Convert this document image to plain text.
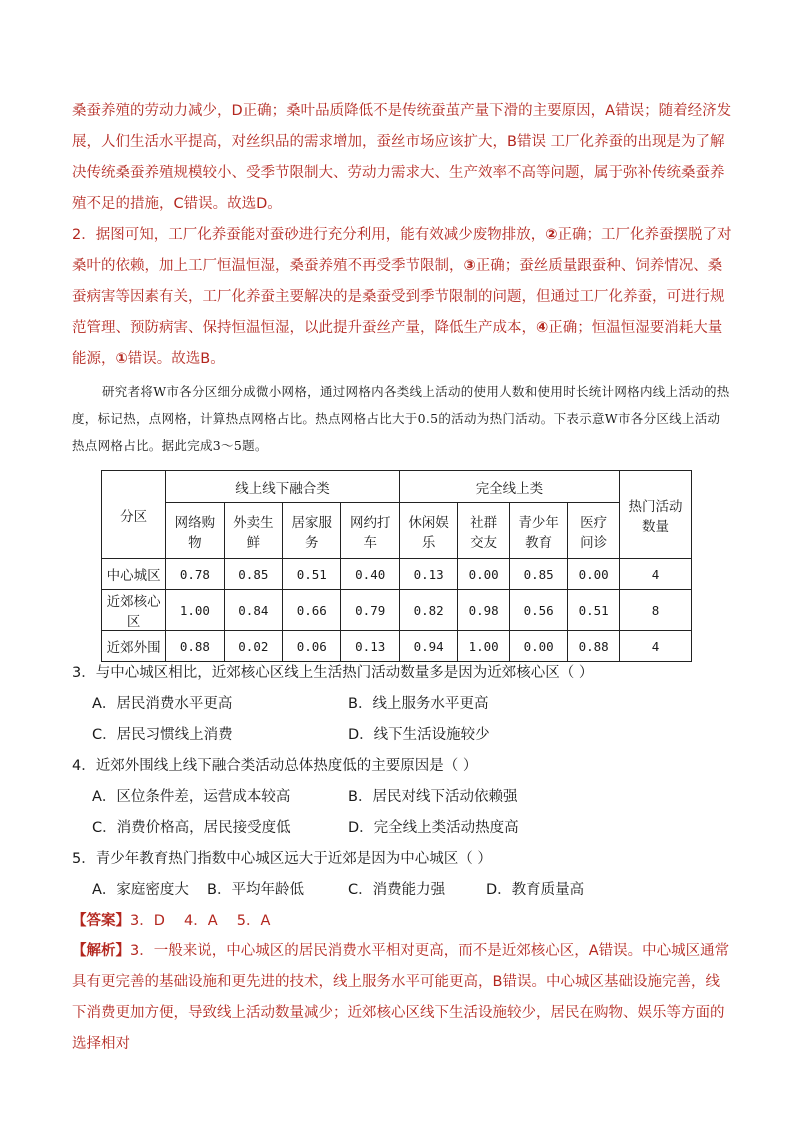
桑蚕养殖的劳动力减少，D正确；桑叶品质降低不是传统蚕茧产量下滑的主要原因，A错误；随着经济发展，人们生活水平提高，对丝织品的需求增加，蚕丝市场应该扩大，B错误 工厂化养蚕的出现是为了解决传统桑蚕养殖规模较小、受季节限制大、劳动力需求大、生产效率不高等问题，属于弥补传统桑蚕养殖不足的措施，C错误。故选D。

2．据图可知，工厂化养蚕能对蚕砂进行充分利用，能有效减少废物排放，②正确；工厂化养蚕摆脱了对桑叶的依赖，加上工厂恒温恒湿，桑蚕养殖不再受季节限制，③正确；蚕丝质量跟蚕种、饲养情况、桑蚕病害等因素有关，工厂化养蚕主要解决的是桑蚕受到季节限制的问题，但通过工厂化养蚕，可进行规范管理、预防病害、保持恒温恒湿，以此提升蚕丝产量，降低生产成本，④正确；恒温恒湿要消耗大量能源，①错误。故选B。

研究者将W市各分区细分成微小网格，通过网格内各类线上活动的使用人数和使用时长统计网格内线上活动的热度，标记热，点网格，计算热点网格占比。热点网格占比大于0.5的活动为热门活动。下表示意W市各分区线上活动热点网格占比。据此完成3～5题。

分区	线上线下融合类				完全线上类				热门活动数量
	网络购物	外卖生鲜	居家服务	网约打车	休闲娱乐	社群交友	青少年教育	医疗问诊	
中心城区	0.78	0.85	0.51	0.40	0.13	0.00	0.85	0.00	4
近郊核心区	1.00	0.84	0.66	0.79	0.82	0.98	0.56	0.51	8
近郊外围	0.88	0.02	0.06	0.13	0.94	1.00	0.00	0.88	4

3．与中心城区相比，近郊核心区线上生活热门活动数量多是因为近郊核心区（ ）

A．居民消费水平更高	B．线上服务水平更高

C．居民习惯线上消费	D．线下生活设施较少

4．近郊外围线上线下融合类活动总体热度低的主要原因是（ ）

A．区位条件差，运营成本较高	B．居民对线下活动依赖强

C．消费价格高，居民接受度低	D．完全线上类活动热度高

5．青少年教育热门指数中心城区远大于近郊是因为中心城区（ ）

A．家庭密度大 B．平均年龄低	C．消费能力强	D．教育质量高

【答案】3．D　 4．A　 5．A

【解析】3．一般来说，中心城区的居民消费水平相对更高，而不是近郊核心区，A错误。中心城区通常具有更完善的基础设施和更先进的技术，线上服务水平可能更高，B错误。中心城区基础设施完善，线下消费更加方便，导致线上活动数量减少；近郊核心区线下生活设施较少，居民在购物、娱乐等方面的选择相对
